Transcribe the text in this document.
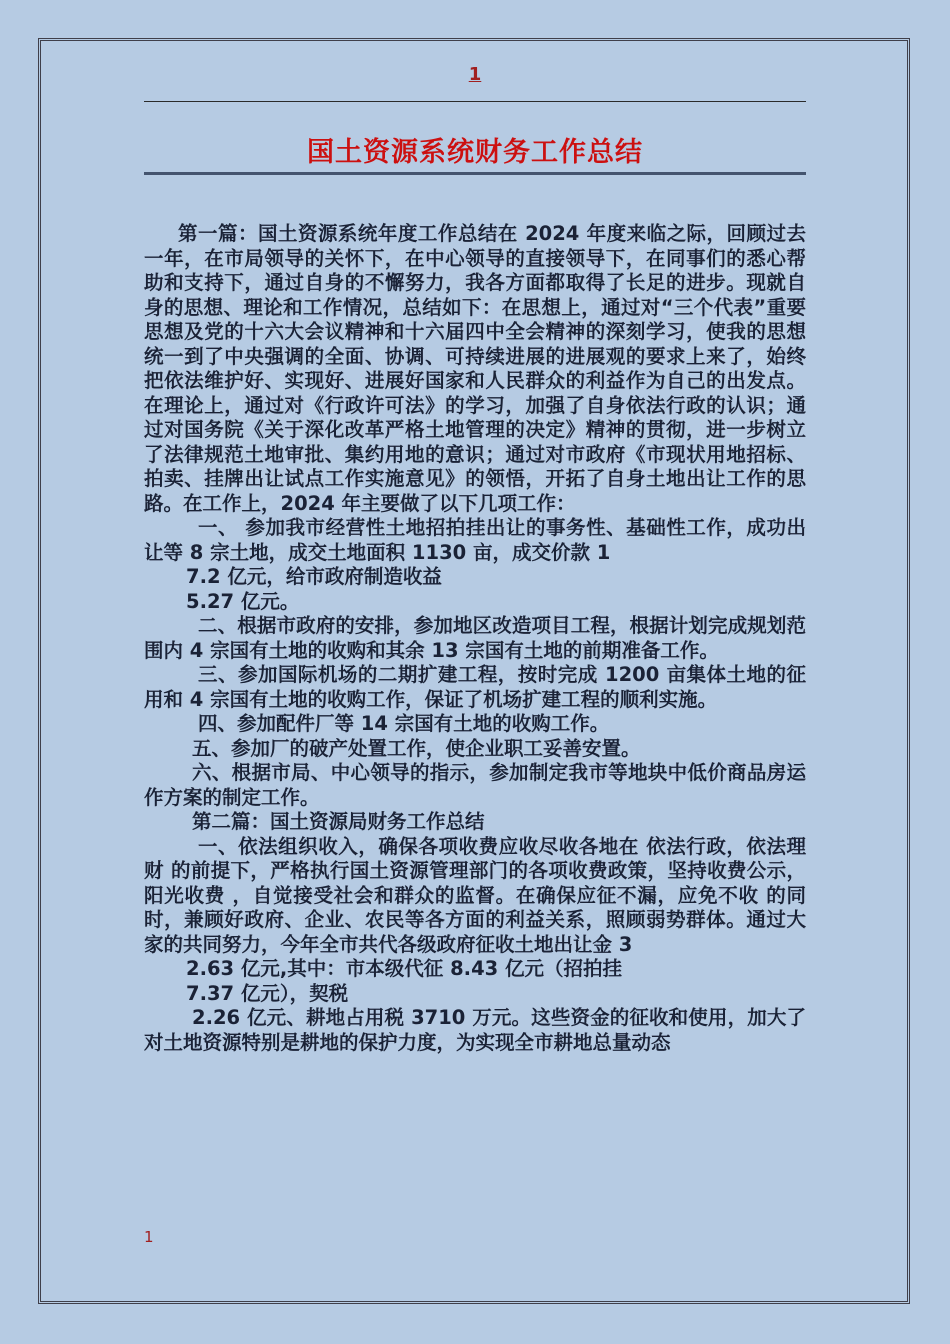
1
国土资源系统财务工作总结

第一篇：国土资源系统年度工作总结在 2024 年度来临之际，回顾过去一年，在市局领导的关怀下，在中心领导的直接领导下，在同事们的悉心帮助和支持下，通过自身的不懈努力，我各方面都取得了长足的进步。现就自身的思想、理论和工作情况，总结如下：在思想上，通过对“三个代表”重要思想及党的十六大会议精神和十六届四中全会精神的深刻学习，使我的思想统一到了中央强调的全面、协调、可持续进展的进展观的要求上来了，始终把依法维护好、实现好、进展好国家和人民群众的利益作为自己的出发点。在理论上，通过对《行政许可法》的学习，加强了自身依法行政的认识；通过对国务院《关于深化改革严格土地管理的决定》精神的贯彻，进一步树立了法律规范土地审批、集约用地的意识；通过对市政府《市现状用地招标、拍卖、挂牌出让试点工作实施意见》的领悟，开拓了自身土地出让工作的思路。在工作上，2024 年主要做了以下几项工作：

一、 参加我市经营性土地招拍挂出让的事务性、基础性工作，成功出让等 8 宗土地，成交土地面积 1130 亩，成交价款 1

7.2 亿元，给市政府制造收益

5.27 亿元。

二、根据市政府的安排，参加地区改造项目工程，根据计划完成规划范围内 4 宗国有土地的收购和其余 13 宗国有土地的前期准备工作。

三、参加国际机场的二期扩建工程，按时完成 1200 亩集体土地的征用和 4 宗国有土地的收购工作，保证了机场扩建工程的顺利实施。

四、参加配件厂等 14 宗国有土地的收购工作。

五、参加厂的破产处置工作，使企业职工妥善安置。

六、根据市局、中心领导的指示，参加制定我市等地块中低价商品房运作方案的制定工作。

第二篇：国土资源局财务工作总结

一、依法组织收入，确保各项收费应收尽收各地在 依法行政，依法理财 的前提下，严格执行国土资源管理部门的各项收费政策，坚持收费公示， 阳光收费 ，自觉接受社会和群众的监督。在确保应征不漏，应免不收 的同时，兼顾好政府、企业、农民等各方面的利益关系，照顾弱势群体。通过大家的共同努力，今年全市共代各级政府征收土地出让金 3

2.63 亿元,其中：市本级代征 8.43 亿元（招拍挂

7.37 亿元），契税

2.26 亿元、耕地占用税 3710 万元。这些资金的征收和使用，加大了对土地资源特别是耕地的保护力度，为实现全市耕地总量动态

1
